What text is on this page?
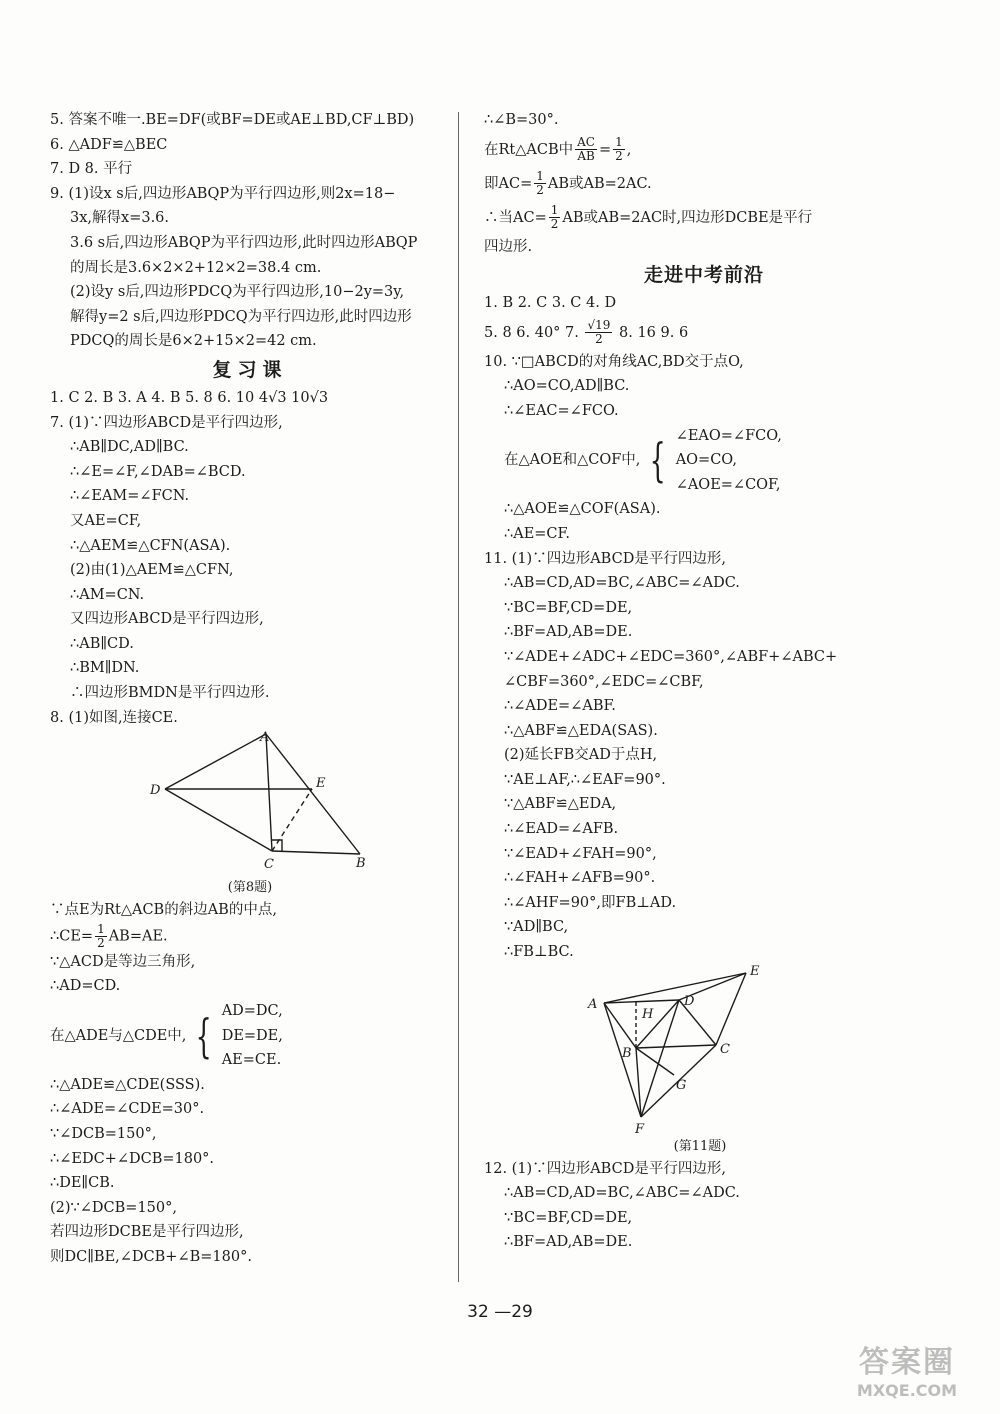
5. 答案不唯一.BE=DF(或BF=DE或AE⊥BD,CF⊥BD)
6. △ADF≌△BEC
7. D 8. 平行
9. (1)设x s后,四边形ABQP为平行四边形,则2x=18−
3x,解得x=3.6.
3.6 s后,四边形ABQP为平行四边形,此时四边形ABQP
的周长是3.6×2×2+12×2=38.4 cm.
(2)设y s后,四边形PDCQ为平行四边形,10−2y=3y,
解得y=2 s后,四边形PDCQ为平行四边形,此时四边形
PDCQ的周长是6×2+15×2=42 cm.
复习课
1. C 2. B 3. A 4. B 5. 8 6. 10 4√3 10√3
7. (1)∵四边形ABCD是平行四边形,
∴AB∥DC,AD∥BC.
∴∠E=∠F,∠DAB=∠BCD.
∴∠EAM=∠FCN.
又AE=CF,
∴△AEM≌△CFN(ASA).
(2)由(1)△AEM≌△CFN,
∴AM=CN.
又四边形ABCD是平行四边形,
∴AB∥CD.
∴BM∥DN.
∴四边形BMDN是平行四边形.
8. (1)如图,连接CE.
A
D	E
C	B
(第8题)
∵点E为Rt△ACB的斜边AB的中点,
∴CE= $\frac{1}{2} AB=AE$.
∵△ACD是等边三角形,
∴AD=CD.
在△ADE与△CDE中, { AD=DC,
DE=DE,
AE=CE.
∴△ADE≌△CDE(SSS).
∴∠ADE=∠CDE=30°.
∵∠DCB=150°,
∴∠EDC+∠DCB=180°.
∴DE∥CB.
(2)∵∠DCB=150°,
若四边形DCBE是平行四边形,
则DC∥BE,∠DCB+∠B=180°.
∴∠B=30°.
在Rt△ACB中 $\frac{AC}{AB} = \frac{1}{2}$ ,
即$AC= \frac{1}{2}$ AB或AB=2AC.
∴当$AC= \frac{1}{2}$ AB或AB=2AC时,四边形DCBE是平行
四边形.
走进中考前沿
1. B 2. C 3. C 4. D
5. 8 6. 40° 7. $\frac{√19}{2} 8$. 16 9. 6
10. ∵□ABCD的对角线AC,BD交于点O,
∴AO=CO,AD∥BC.
∴∠EAC=∠FCO.
在△AOE和△COF中, { ∠EAO=∠FCO,
AO=CO,
∠AOE=∠COF,
∴△AOE≌△COF(ASA).
∴AE=CF.
11. (1)∵四边形ABCD是平行四边形,
∴AB=CD,AD=BC,∠ABC=∠ADC.
∵BC=BF,CD=DE,
∴BF=AD,AB=DE.
∵∠ADE+∠ADC+∠EDC=360°,∠ABF+∠ABC+
∠CBF=360°,∠EDC=∠CBF,
∴∠ADE=∠ABF.
∴△ABF≌△EDA(SAS).
(2)延长FB交AD于点H,
∵AE⊥AF,∴∠EAF=90°.
∵△ABF≌△EDA,
∴∠EAD=∠AFB.
∵∠EAD+∠FAH=90°,
∴∠FAH+∠AFB=90°.
∴∠AHF=90°,即FB⊥AD.
∵AD∥BC,
∴FB⊥BC.
A
E
D
H
B	C
G
F
(第11题)
12. (1)∵四边形ABCD是平行四边形,
∴AB=CD,AD=BC,∠ABC=∠ADC.
∵BC=BF,CD=DE,
∴BF=AD,AB=DE.
32 —29
答案圈
MXQE.COM
